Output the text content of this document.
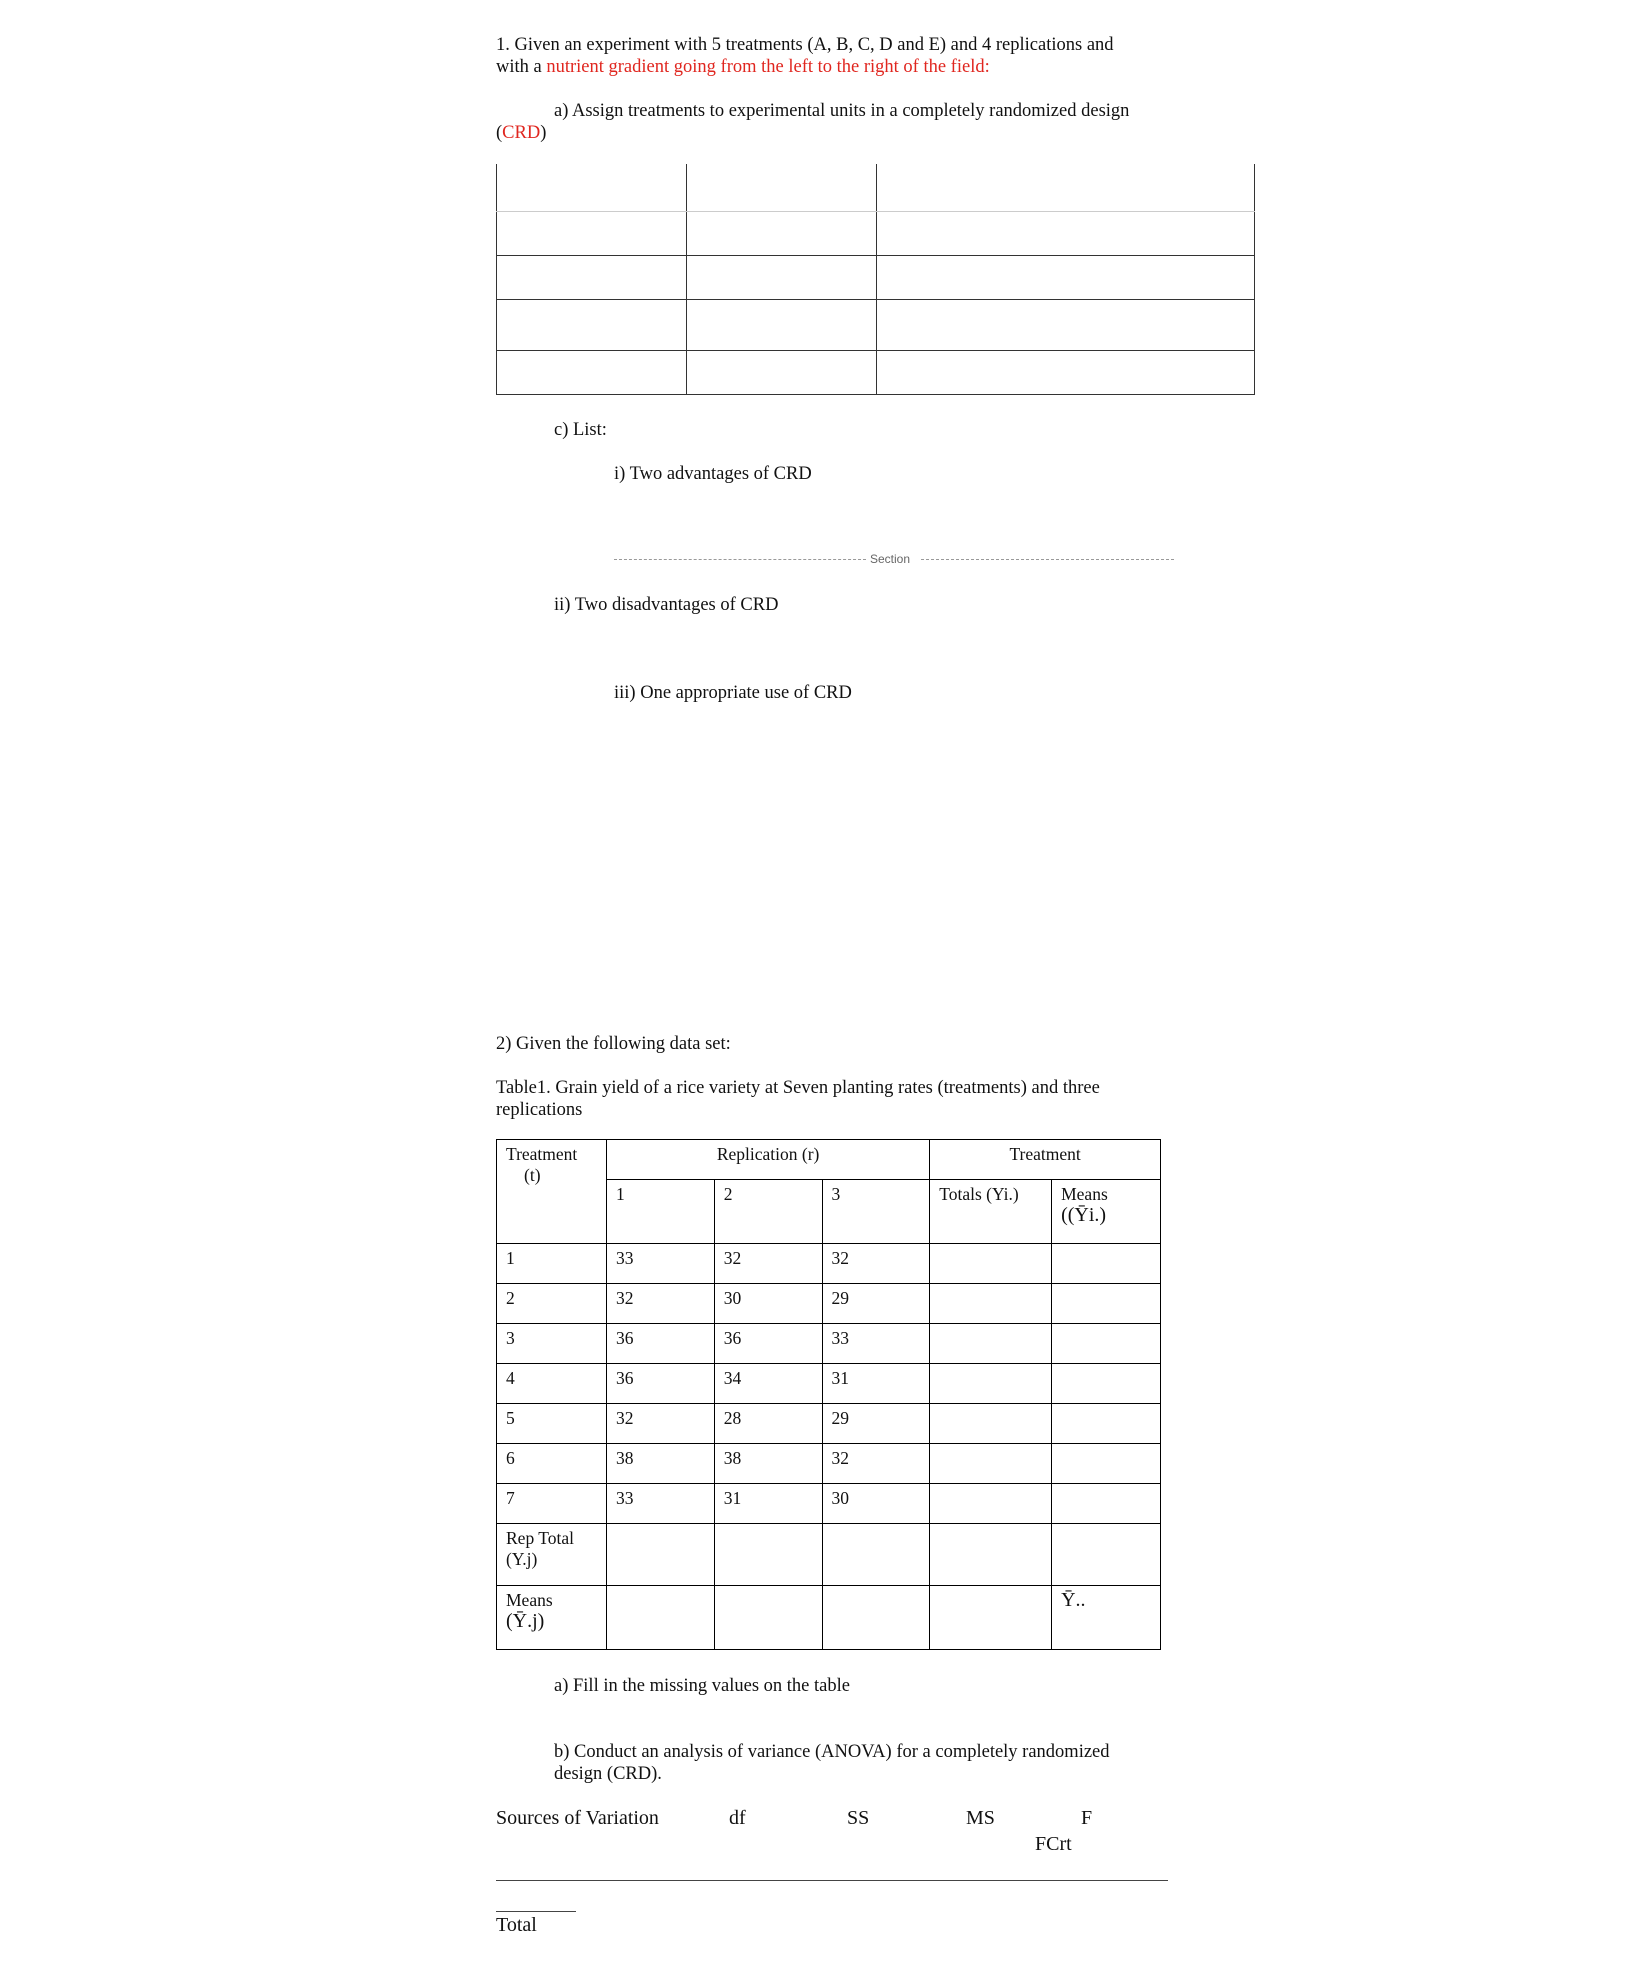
1. Given an experiment with 5 treatments (A, B, C, D and E) and 4 replications and
with a nutrient gradient going from the left to the right of the field:
a) Assign treatments to experimental units in a completely randomized design
(CRD)

c) List:
i) Two advantages of CRD
Section
ii) Two disadvantages of CRD
iii) One appropriate use of CRD
2) Given the following data set:
Table1. Grain yield of a rice variety at Seven planting rates (treatments) and three
replications
Treatment
(t)	Replication (r)			Treatment	
	1	2	3	Totals (Yi.)	Means
((Ȳi.)

1	33	32	32		
2	32	30	29		
3	36	36	33		
4	36	34	31		
5	32	28	29		
6	38	38	32		
7	33	31	30		

Rep Total
(Y.j)					

Means
(Ȳ.j)					Ȳ..
a) Fill in the missing values on the table
b) Conduct an analysis of variance (ANOVA) for a completely randomized
design (CRD).
Sources of Variation	df	SS	MS	F
FCrt
Total
